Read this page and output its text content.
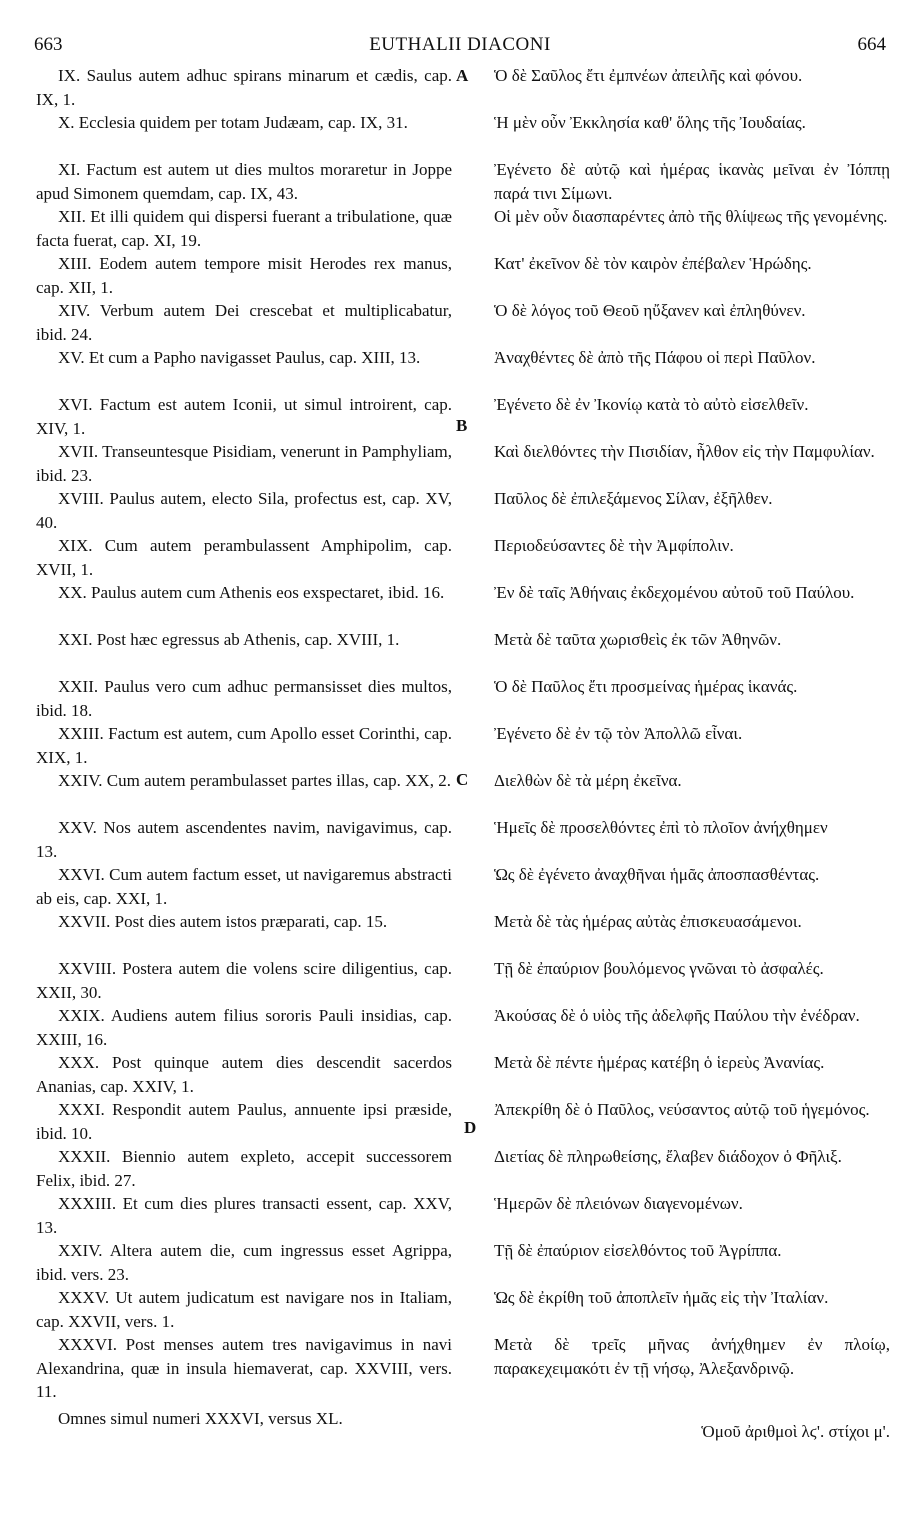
663	EUTHALII DIACONI	664
A
B
C
D
IX. Saulus autem adhuc spirans minarum et cædis, cap. IX, 1.
X. Ecclesia quidem per totam Judæam, cap. IX, 31.
XI. Factum est autem ut dies multos moraretur in Joppe apud Simonem quemdam, cap. IX, 43.
XII. Et illi quidem qui dispersi fuerant a tribulatione, quæ facta fuerat, cap. XI, 19.
XIII. Eodem autem tempore misit Herodes rex manus, cap. XII, 1.
XIV. Verbum autem Dei crescebat et multiplicabatur, ibid. 24.
XV. Et cum a Papho navigasset Paulus, cap. XIII, 13.
XVI. Factum est autem Iconii, ut simul introirent, cap. XIV, 1.
XVII. Transeuntesque Pisidiam, venerunt in Pamphyliam, ibid. 23.
XVIII. Paulus autem, electo Sila, profectus est, cap. XV, 40.
XIX. Cum autem perambulassent Amphipolim, cap. XVII, 1.
XX. Paulus autem cum Athenis eos exspectaret, ibid. 16.
XXI. Post hæc egressus ab Athenis, cap. XVIII, 1.
XXII. Paulus vero cum adhuc permansisset dies multos, ibid. 18.
XXIII. Factum est autem, cum Apollo esset Corinthi, cap. XIX, 1.
XXIV. Cum autem perambulasset partes illas, cap. XX, 2.
XXV. Nos autem ascendentes navim, navigavimus, cap. 13.
XXVI. Cum autem factum esset, ut navigaremus abstracti ab eis, cap. XXI, 1.
XXVII. Post dies autem istos præparati, cap. 15.
XXVIII. Postera autem die volens scire diligentius, cap. XXII, 30.
XXIX. Audiens autem filius sororis Pauli insidias, cap. XXIII, 16.
XXX. Post quinque autem dies descendit sacerdos Ananias, cap. XXIV, 1.
XXXI. Respondit autem Paulus, annuente ipsi præside, ibid. 10.
XXXII. Biennio autem expleto, accepit successorem Felix, ibid. 27.
XXXIII. Et cum dies plures transacti essent, cap. XXV, 13.
XXIV. Altera autem die, cum ingressus esset Agrippa, ibid. vers. 23.
XXXV. Ut autem judicatum est navigare nos in Italiam, cap. XXVII, vers. 1.
XXXVI. Post menses autem tres navigavimus in navi Alexandrina, quæ in insula hiemaverat, cap. XXVIII, vers. 11.
Omnes simul numeri XXXVI, versus XL.
Ὁ δὲ Σαῦλος ἔτι ἐμπνέων ἀπειλῆς καὶ φόνου.
Ἡ μὲν οὖν Ἐκκλησία καθ' ὅλης τῆς Ἰουδαίας.
Ἐγένετο δὲ αὐτῷ καὶ ἡμέρας ἱκανὰς μεῖναι ἐν Ἰόππῃ παρά τινι Σίμωνι.
Οἱ μὲν οὖν διασπαρέντες ἀπὸ τῆς θλίψεως τῆς γενομένης.
Κατ' ἐκεῖνον δὲ τὸν καιρὸν ἐπέβαλεν Ἡρώδης.
Ὁ δὲ λόγος τοῦ Θεοῦ ηὔξανεν καὶ ἐπληθύνεν.
Ἀναχθέντες δὲ ἀπὸ τῆς Πάφου οἱ περὶ Παῦλον.
Ἐγένετο δὲ ἐν Ἰκονίῳ κατὰ τὸ αὐτὸ εἰσελθεῖν.
Καὶ διελθόντες τὴν Πισιδίαν, ἦλθον εἰς τὴν Παμφυλίαν.
Παῦλος δὲ ἐπιλεξάμενος Σίλαν, ἐξῆλθεν.
Περιοδεύσαντες δὲ τὴν Ἀμφίπολιν.
Ἐν δὲ ταῖς Ἀθήναις ἐκδεχομένου αὐτοῦ τοῦ Παύλου.
Μετὰ δὲ ταῦτα χωρισθεὶς ἐκ τῶν Ἀθηνῶν.
Ὁ δὲ Παῦλος ἔτι προσμείνας ἡμέρας ἱκανάς.
Ἐγένετο δὲ ἐν τῷ τὸν Ἀπολλῶ εἶναι.
Διελθὼν δὲ τὰ μέρη ἐκεῖνα.
Ἡμεῖς δὲ προσελθόντες ἐπὶ τὸ πλοῖον ἀνήχθημεν
Ὡς δὲ ἐγένετο ἀναχθῆναι ἡμᾶς ἀποσπασθέντας.
Μετὰ δὲ τὰς ἡμέρας αὐτὰς ἐπισκευασάμενοι.
Τῇ δὲ ἐπαύριον βουλόμενος γνῶναι τὸ ἀσφαλές.
Ἀκούσας δὲ ὁ υἱὸς τῆς ἀδελφῆς Παύλου τὴν ἐνέδραν.
Μετὰ δὲ πέντε ἡμέρας κατέβη ὁ ἱερεὺς Ἀνανίας.
Ἀπεκρίθη δὲ ὁ Παῦλος, νεύσαντος αὐτῷ τοῦ ἡγεμόνος.
Διετίας δὲ πληρωθείσης, ἔλαβεν διάδοχον ὁ Φῆλιξ.
Ἡμερῶν δὲ πλειόνων διαγενομένων.
Τῇ δὲ ἐπαύριον εἰσελθόντος τοῦ Ἀγρίππα.
Ὡς δὲ ἐκρίθη τοῦ ἀποπλεῖν ἡμᾶς εἰς τὴν Ἰταλίαν.
Μετὰ δὲ τρεῖς μῆνας ἀνήχθημεν ἐν πλοίῳ, παρακεχειμακότι ἐν τῇ νήσῳ, Ἀλεξανδρινῷ.
Ὁμοῦ ἀριθμοὶ λϛ'. στίχοι μ'.
